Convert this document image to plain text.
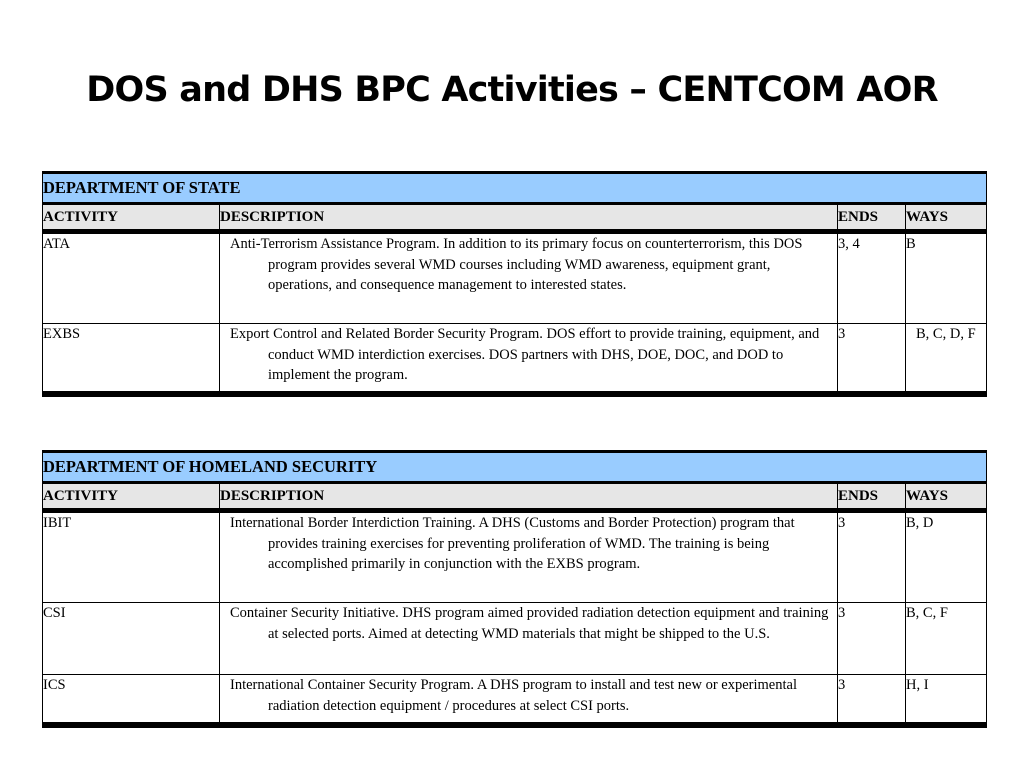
DOS and DHS BPC Activities – CENTCOM AOR
DEPARTMENT OF STATE			
ACTIVITY	DESCRIPTION	ENDS	WAYS
ATA	Anti-Terrorism Assistance Program. In addition to its primary focus on counterterrorism, this DOS program provides several WMD courses including WMD awareness, equipment grant, operations, and consequence management to interested states.	3, 4	B
EXBS	Export Control and Related Border Security Program. DOS effort to provide training, equipment, and conduct WMD interdiction exercises. DOS partners with DHS, DOE, DOC, and DOD to implement the program.	3	B, C, D, F
DEPARTMENT OF HOMELAND SECURITY			
ACTIVITY	DESCRIPTION	ENDS	WAYS
IBIT	International Border Interdiction Training. A DHS (Customs and Border Protection) program that provides training exercises for preventing proliferation of WMD. The training is being accomplished primarily in conjunction with the EXBS program.	3	B, D
CSI	Container Security Initiative. DHS program aimed provided radiation detection equipment and training at selected ports. Aimed at detecting WMD materials that might be shipped to the U.S.	3	B, C, F
ICS	International Container Security Program. A DHS program to install and test new or experimental radiation detection equipment / procedures at select CSI ports.	3	H, I
